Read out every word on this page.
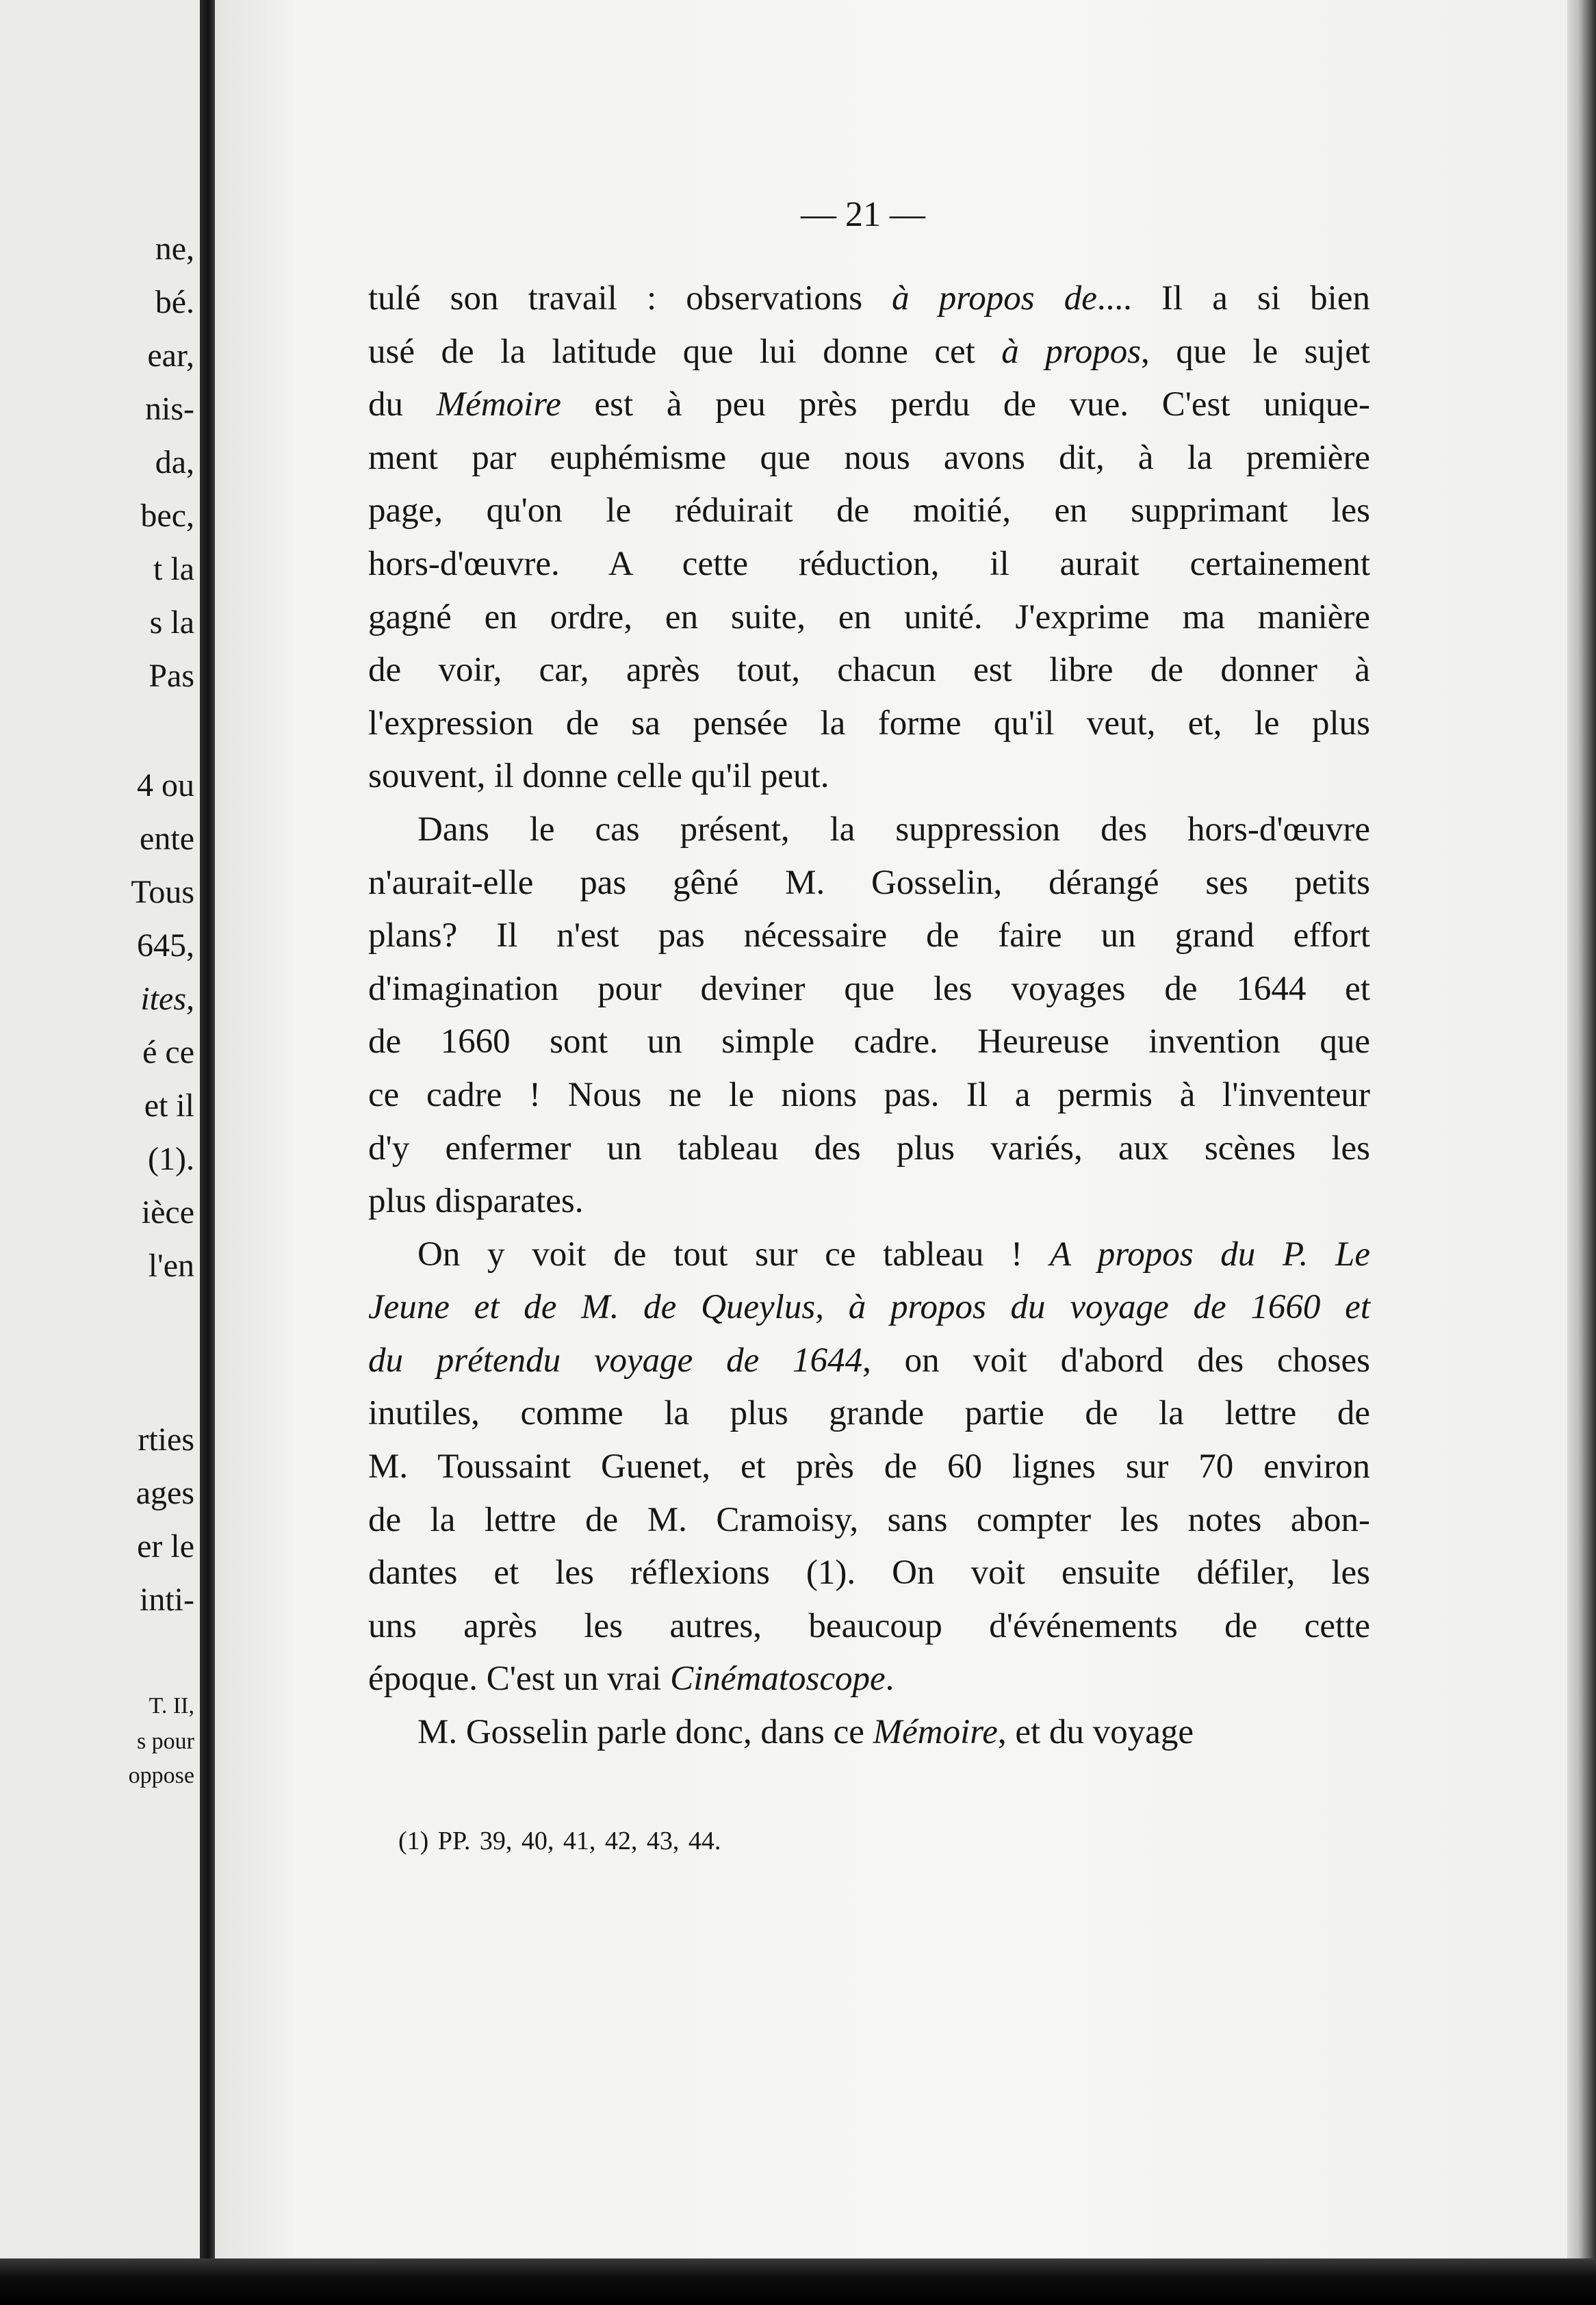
ne,
bé.
ear,
nis-
da,
bec,
t la
s la
Pas
4 ou
ente
Tous
645,
ites,
é ce
et il
(1).
ièce
l'en
rties
ages
er le
inti-
T. II,
s pour
oppose
— 21 —
tulé son travail : observations à propos de.... Il a si bien
usé de la latitude que lui donne cet à propos, que le sujet
du Mémoire est à peu près perdu de vue. C'est unique-
ment par euphémisme que nous avons dit, à la première
page, qu'on le réduirait de moitié, en supprimant les
hors-d'œuvre. A cette réduction, il aurait certainement
gagné en ordre, en suite, en unité. J'exprime ma manière
de voir, car, après tout, chacun est libre de donner à
l'expression de sa pensée la forme qu'il veut, et, le plus
souvent, il donne celle qu'il peut.
Dans le cas présent, la suppression des hors-d'œuvre
n'aurait-elle pas gêné M. Gosselin, dérangé ses petits
plans? Il n'est pas nécessaire de faire un grand effort
d'imagination pour deviner que les voyages de 1644 et
de 1660 sont un simple cadre. Heureuse invention que
ce cadre ! Nous ne le nions pas. Il a permis à l'inventeur
d'y enfermer un tableau des plus variés, aux scènes les
plus disparates.
On y voit de tout sur ce tableau ! A propos du P. Le
Jeune et de M. de Queylus, à propos du voyage de 1660 et
du prétendu voyage de 1644, on voit d'abord des choses
inutiles, comme la plus grande partie de la lettre de
M. Toussaint Guenet, et près de 60 lignes sur 70 environ
de la lettre de M. Cramoisy, sans compter les notes abon-
dantes et les réflexions (1). On voit ensuite défiler, les
uns après les autres, beaucoup d'événements de cette
époque. C'est un vrai Cinématoscope.
M. Gosselin parle donc, dans ce Mémoire, et du voyage
(1) PP. 39, 40, 41, 42, 43, 44.
